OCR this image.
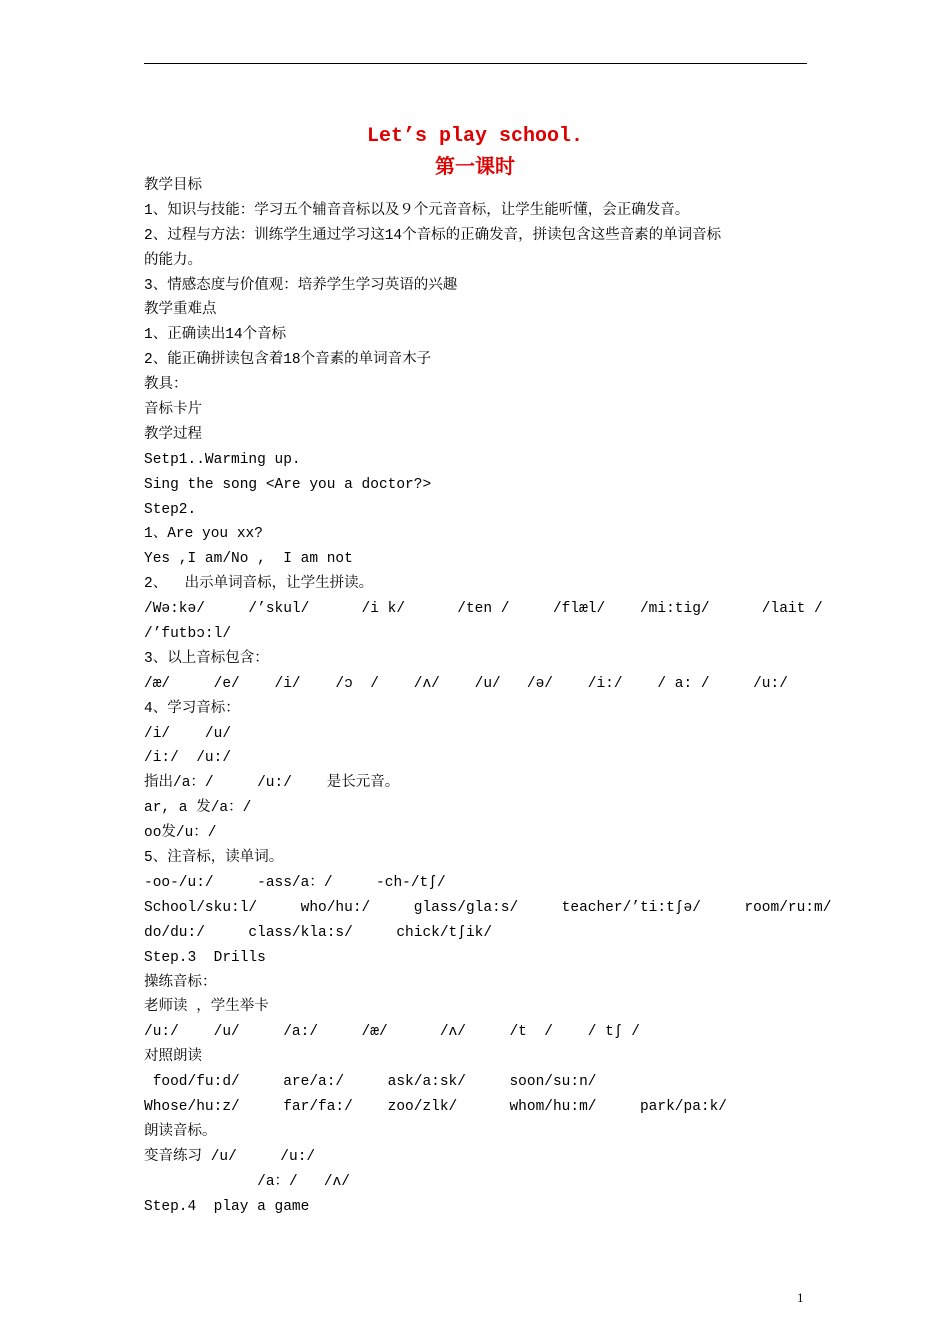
Let’s play school.
第一课时
教学目标
1、知识与技能：学习五个辅音音标以及９个元音音标，让学生能听懂，会正确发音。
2、过程与方法：训练学生通过学习这14个音标的正确发音，拼读包含这些音素的单词音标
的能力。
3、情感态度与价值观：培养学生学习英语的兴趣
教学重难点
1、正确读出14个音标
2、能正确拼读包含着18个音素的单词音木子
教具：
音标卡片
教学过程
Setp1..Warming up.
Sing the song <Are you a doctor?>
Step2.
1、Are you xx?
Yes ,I am/No ,  I am not
2、  出示单词音标，让学生拼读。
/Wə:kə/     /’skul/      /i k/      /ten /     /flæl/    /mi:tig/      /lait /
/’futbɔ:l/
3、以上音标包含：
/æ/     /e/    /i/    /ɔ  /    /ʌ/    /u/   /ə/    /i:/    / a: /     /u:/
4、学习音标：
/i/    /u/
/i:/  /u:/
指出/a：/     /u:/    是长元音。
ar, a 发/a：/
oo发/u：/
5、注音标，读单词。
-oo-/u:/     -ass/a：/     -ch-/tʃ/
School/sku:l/     who/hu:/     glass/gla:s/     teacher/’ti:tʃə/     room/ru:m/
do/du:/     class/kla:s/     chick/tʃik/
Step.3  Drills
操练音标：
老师读 ，学生举卡
/u:/    /u/     /a:/     /æ/      /ʌ/     /t  /    / tʃ /
对照朗读
food/fu:d/     are/a:/     ask/a:sk/     soon/su:n/
Whose/hu:z/     far/fa:/    zoo/zlk/      whom/hu:m/     park/pa:k/
朗读音标。
变音练习 /u/     /u:/
/a：/   /ʌ/
Step.4  play a game
1
